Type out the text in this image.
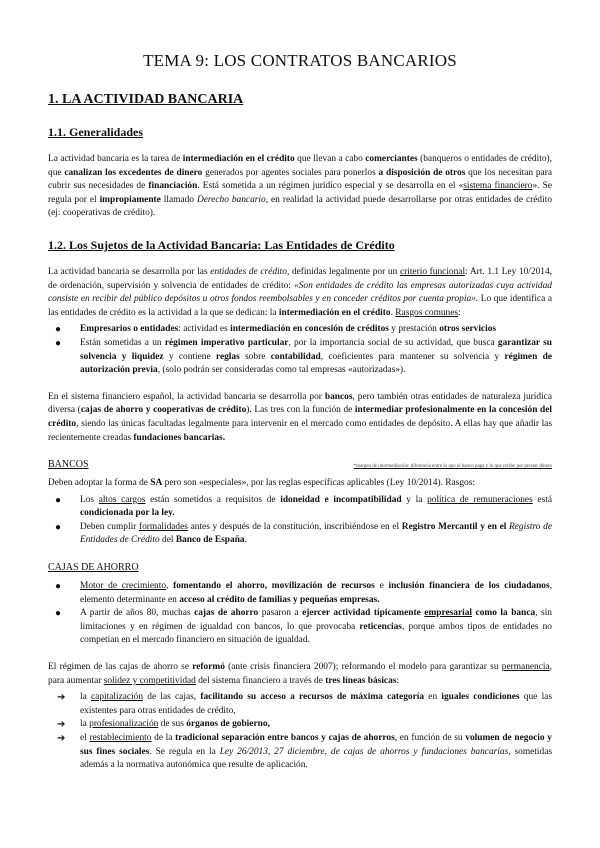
TEMA 9: LOS CONTRATOS BANCARIOS
1. LA ACTIVIDAD BANCARIA
1.1. Generalidades

La actividad bancaria es la tarea de intermediación en el crédito que llevan a cabo comerciantes (banqueros o entidades de crédito), que canalizan los excedentes de dinero generados por agentes sociales para ponerlos a disposición de otros que los necesitan para cubrir sus necesidades de financiación. Está sometida a un régimen jurídico especial y se desarrolla en el «sistema financiero». Se regula por el impropiamente llamado Derecho bancario, en realidad la actividad puede desarrollarse por otras entidades de crédito (ej: cooperativas de crédito).

1.2. Los Sujetos de la Actividad Bancaria: Las Entidades de Crédito

La actividad bancaria se desarrolla por las entidades de crédito, definidas legalmente por un criterio funcional: Art. 1.1 Ley 10/2014, de ordenación, supervisión y solvencia de entidades de crédito: «Son entidades de crédito las empresas autorizadas cuya actividad consiste en recibir del público depósitos u otros fondos reembolsables y en conceder créditos por cuenta propia». Lo que identifica a las entidades de crédito es la actividad a la que se dedican: la intermediación en el crédito. Rasgos comunes:

● Empresarios o entidades: actividad es intermediación en concesión de créditos y prestación otros servicios
● Están sometidas a un régimen imperativo particular, por la importancia social de su actividad, que busca garantizar su solvencia y liquidez y contiene reglas sobre contabilidad, coeficientes para mantener su solvencia y régimen de autorización previa, (solo podrán ser consideradas como tal empresas «autorizadas»).

En el sistema financiero español, la actividad bancaria se desarrolla por bancos, pero también otras entidades de naturaleza jurídica diversa (cajas de ahorro y cooperativas de crédito). Las tres con la función de intermediar profesionalmente en la concesión del crédito, siendo las únicas facultadas legalmente para intervenir en el mercado como entidades de depósito. A ellas hay que añadir las recientemente creadas fundaciones bancarias.

BANCOS	*margen de intermediación: diferencia entre lo que el banco paga y lo que recibe por prestar dinero

Deben adoptar la forma de SA pero son «especiales», por las reglas específicas aplicables (Ley 10/2014). Rasgos:

● Los altos cargos están sometidos a requisitos de idoneidad e incompatibilidad y la política de remuneraciones está condicionada por la ley.
● Deben cumplir formalidades antes y después de la constitución, inscribiéndose en el Registro Mercantil y en el Registro de Entidades de Crédito del Banco de España.
CAJAS DE AHORRO
● Motor de crecimiento, fomentando el ahorro, movilización de recursos e inclusión financiera de los ciudadanos, elemento determinante en acceso al crédito de familias y pequeñas empresas.
● A partir de años 80, muchas cajas de ahorro pasaron a ejercer actividad típicamente empresarial como la banca, sin limitaciones y en régimen de igualdad con bancos, lo que provocaba reticencias, porque ambos tipos de entidades no competían en el mercado financiero en situación de igualdad.

El régimen de las cajas de ahorro se reformó (ante crisis financiera 2007); reformando el modelo para garantizar su permanencia, para aumentar solidez y competitividad del sistema financiero a través de tres líneas básicas:

➔ la capitalización de las cajas, facilitando su acceso a recursos de máxima categoría en iguales condiciones que las existentes para otras entidades de crédito,
➔ la profesionalización de sus órganos de gobierno,
➔ el restablecimiento de la tradicional separación entre bancos y cajas de ahorros, en función de su volumen de negocio y sus fines sociales. Se regula en la Ley 26/2013, 27 diciembre, de cajas de ahorros y fundaciones bancarias, sometidas además a la normativa autonómica que resulte de aplicación.
